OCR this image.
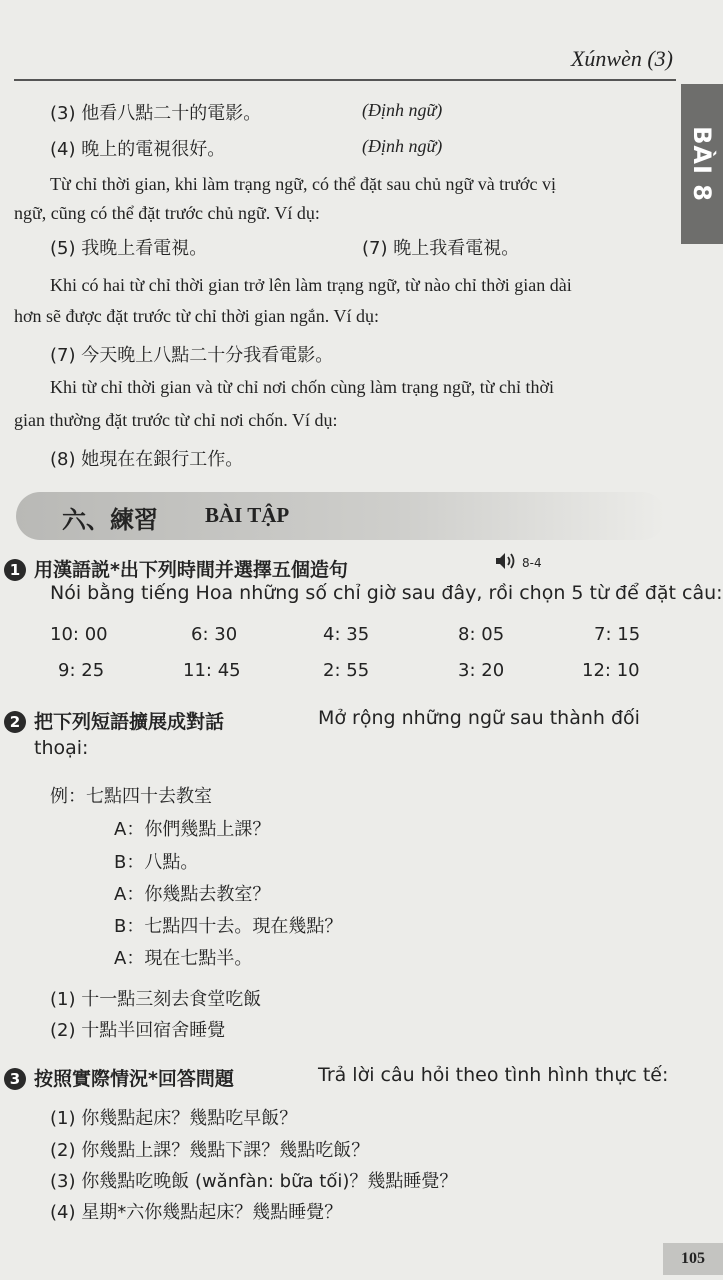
Xúnwèn (3)
BÀI 8
(3) 他看八點二十的電影。	(Định ngữ)
(4) 晚上的電視很好。	(Định ngữ)
Từ chỉ thời gian, khi làm trạng ngữ, có thể đặt sau chủ ngữ và trước vị
ngữ, cũng có thể đặt trước chủ ngữ. Ví dụ:
(5) 我晚上看電視。	(7) 晚上我看電視。
Khi có hai từ chỉ thời gian trở lên làm trạng ngữ, từ nào chỉ thời gian dài
hơn sẽ được đặt trước từ chỉ thời gian ngắn. Ví dụ:
(7) 今天晚上八點二十分我看電影。
Khi từ chỉ thời gian và từ chỉ nơi chốn cùng làm trạng ngữ, từ chỉ thời
gian thường đặt trước từ chỉ nơi chốn. Ví dụ:
(8) 她現在在銀行工作。
六、練習 BÀI TẬP
1 用漢語説*出下列時間并選擇五個造句	8-4
Nói bằng tiếng Hoa những số chỉ giờ sau đây, rồi chọn 5 từ để đặt câu:
10: 00	6: 30	4: 35	8: 05	7: 15
9: 25	11: 45	2: 55	3: 20	12: 10
2 把下列短語擴展成對話	Mở rộng những ngữ sau thành đối
thoại:
例：七點四十去教室
A：你們幾點上課？
B：八點。
A：你幾點去教室？
B：七點四十去。現在幾點？
A：現在七點半。
(1) 十一點三刻去食堂吃飯
(2) 十點半回宿舍睡覺
3 按照實際情況*回答問題	Trả lời câu hỏi theo tình hình thực tế:
(1) 你幾點起床？幾點吃早飯？
(2) 你幾點上課？幾點下課？幾點吃飯？
(3) 你幾點吃晚飯 (wǎnfàn: bữa tối)？幾點睡覺？
(4) 星期*六你幾點起床？幾點睡覺？
105
